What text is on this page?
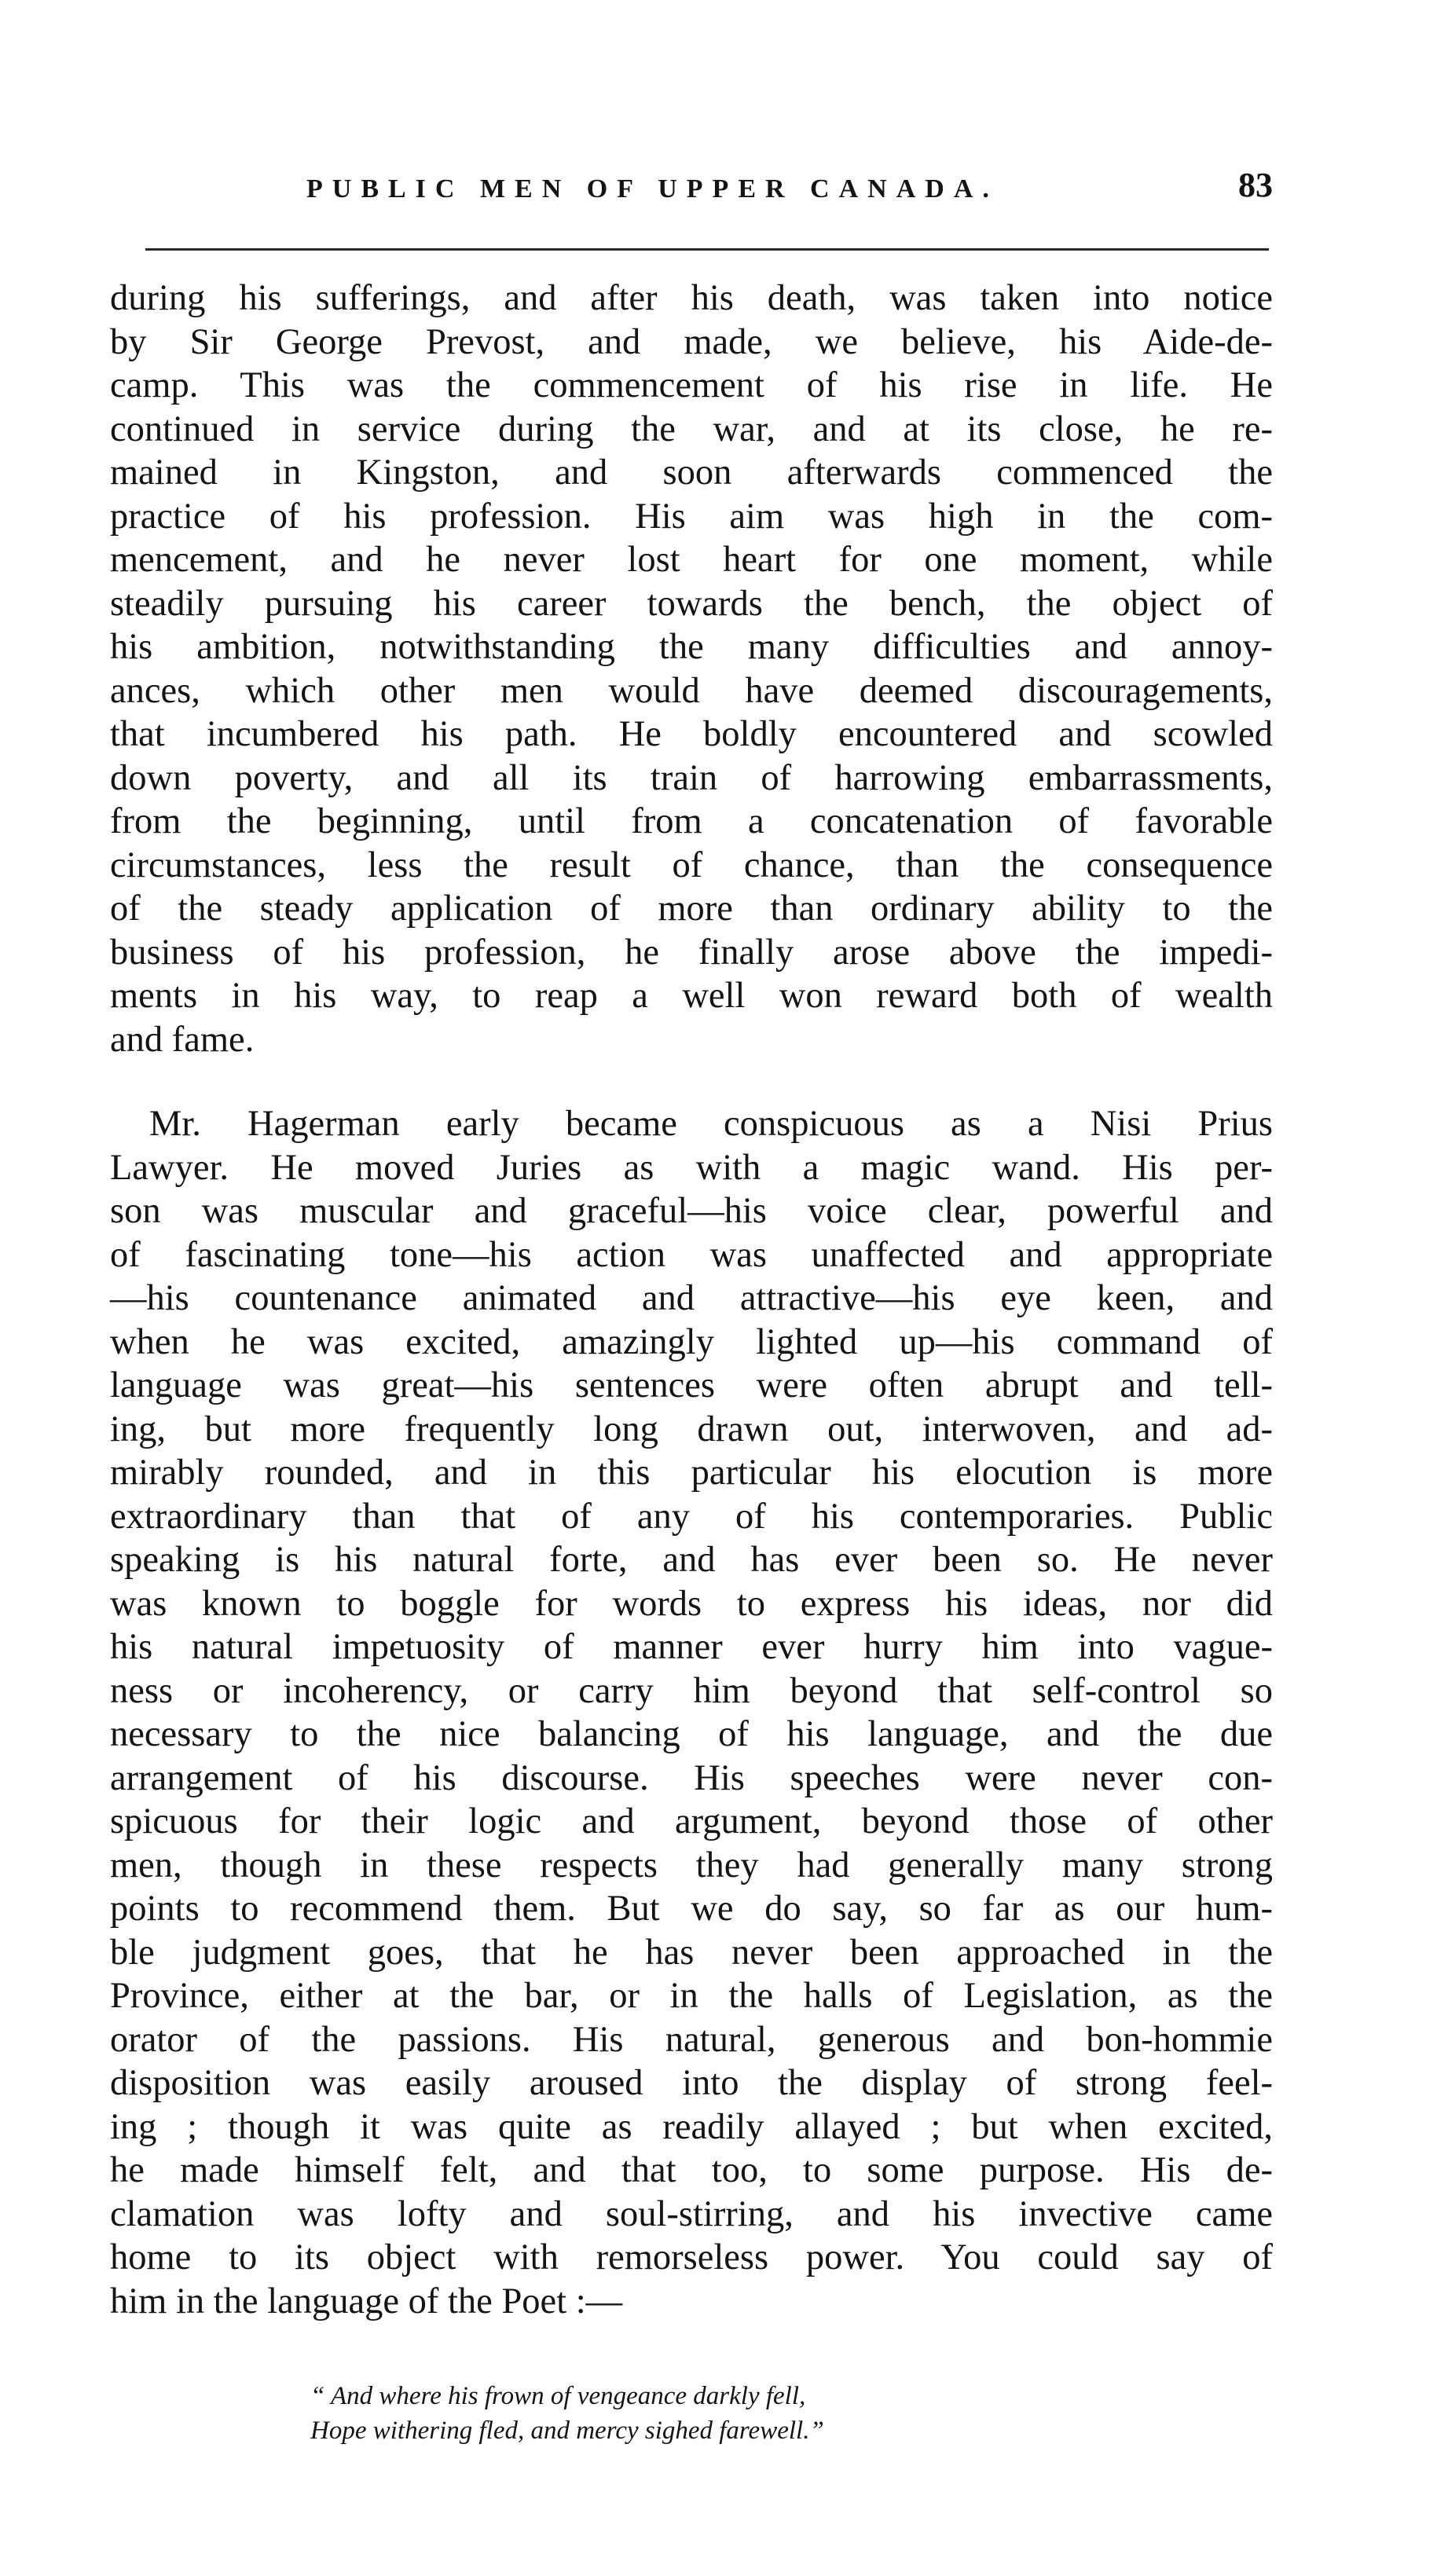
PUBLIC MEN OF UPPER CANADA.	83

during his sufferings, and after his death, was taken into notice
by Sir George Prevost, and made, we believe, his Aide-de-
camp. This was the commencement of his rise in life. He
continued in service during the war, and at its close, he re-
mained in Kingston, and soon afterwards commenced the
practice of his profession. His aim was high in the com-
mencement, and he never lost heart for one moment, while
steadily pursuing his career towards the bench, the object of
his ambition, notwithstanding the many difficulties and annoy-
ances, which other men would have deemed discouragements,
that incumbered his path. He boldly encountered and scowled
down poverty, and all its train of harrowing embarrassments,
from the beginning, until from a concatenation of favorable
circumstances, less the result of chance, than the consequence
of the steady application of more than ordinary ability to the
business of his profession, he finally arose above the impedi-
ments in his way, to reap a well won reward both of wealth
and fame.

Mr. Hagerman early became conspicuous as a Nisi Prius
Lawyer. He moved Juries as with a magic wand. His per-
son was muscular and graceful—his voice clear, powerful and
of fascinating tone—his action was unaffected and appropriate
—his countenance animated and attractive—his eye keen, and
when he was excited, amazingly lighted up—his command of
language was great—his sentences were often abrupt and tell-
ing, but more frequently long drawn out, interwoven, and ad-
mirably rounded, and in this particular his elocution is more
extraordinary than that of any of his contemporaries. Public
speaking is his natural forte, and has ever been so. He never
was known to boggle for words to express his ideas, nor did
his natural impetuosity of manner ever hurry him into vague-
ness or incoherency, or carry him beyond that self-control so
necessary to the nice balancing of his language, and the due
arrangement of his discourse. His speeches were never con-
spicuous for their logic and argument, beyond those of other
men, though in these respects they had generally many strong
points to recommend them. But we do say, so far as our hum-
ble judgment goes, that he has never been approached in the
Province, either at the bar, or in the halls of Legislation, as the
orator of the passions. His natural, generous and bon-hommie
disposition was easily aroused into the display of strong feel-
ing ; though it was quite as readily allayed ; but when excited,
he made himself felt, and that too, to some purpose. His de-
clamation was lofty and soul-stirring, and his invective came
home to its object with remorseless power. You could say of
him in the language of the Poet :—

“ And where his frown of vengeance darkly fell,
Hope withering fled, and mercy sighed farewell.”
